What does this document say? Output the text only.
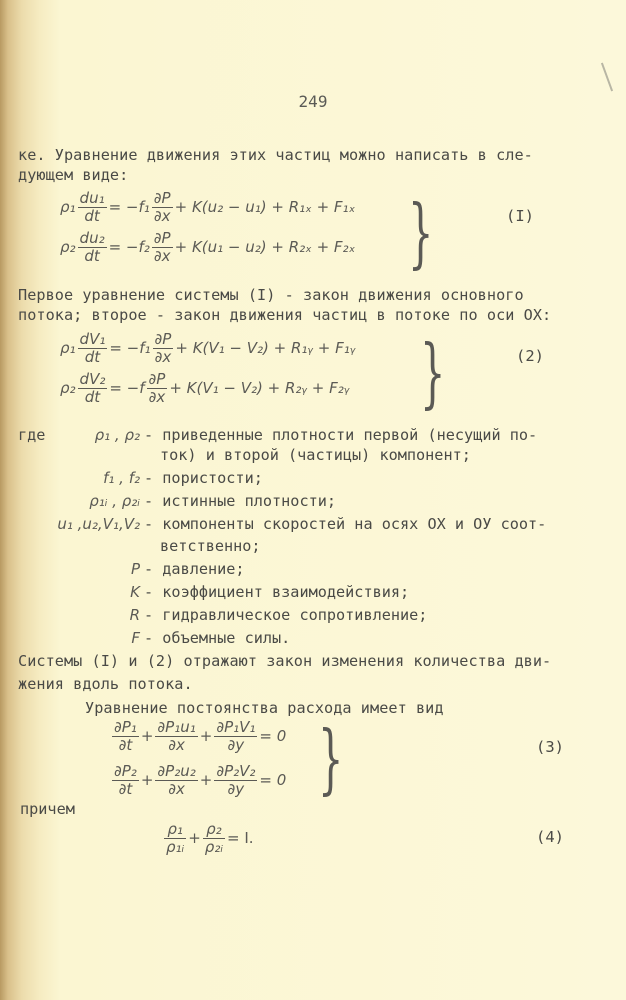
249
ке. Уравнение движения этих частиц можно написать в сле-
дующем виде:
$\rho_1 \frac{\text{du₁}}{dt} = -f_1 \frac{\partial P}{\partial x} + K(u_2 - u_1) + R_{1x} + F_{1x}$
$\rho_2 \frac{\text{du₂}}{dt} = -f_2 \frac{\partial P}{\partial x} + K(u_1 - u_2) + R_{2x} + F_{2x}$ }	(I)
Первое уравнение системы (I) - закон движения основного
потока; второе - закон движения частиц в потоке по оси ОХ:
$\rho_1 \frac{\text{dV₁}}{dt} = -f_1 \frac{\partial P}{\partial x} + K(V_1 - V_2)$ + R₁ᵧ + F₁ᵧ
$\rho_2 \frac{\text{dV₂}}{dt} = -f \frac{\partial P}{\partial x} + K(V_1 - V_2)$ + R₂ᵧ + F₂ᵧ }	(2)
где	ρ₁ , ρ₂ - приведенные плотности первой (несущий по-
ток) и второй (частицы) компонент;
f₁ , f₂ - пористости;
ρ₁ᵢ , ρ₂ᵢ - истинные плотности;
u₁ ,u₂,V₁,V₂ - компоненты скоростей на осях ОХ и ОУ соот-
ветственно;
P - давление;
K - коэффициент взаимодействия;
R - гидравлическое сопротивление;
F - объемные силы.
Системы (I) и (2) отражают закон изменения количества дви-
жения вдоль потока.
Уравнение постоянства расхода имеет вид
$\frac{\text{∂P₁}}{\partial t} + \frac{\text{∂P₁u₁}}{\partial x} + \frac{\text{∂P₁V₁}}{\partial y} = 0$
$\frac{\text{∂P₂}}{\partial t} + \frac{\text{∂P₂u₂}}{\partial x} + \frac{\text{∂P₂V₂}}{\partial y} = 0$ }	(3)
причем
$\frac{\text{ρ₁}}{\text{ρ₁ᵢ}} + \frac{\text{ρ₂}}{\text{ρ₂ᵢ}} = I$.	(4)
